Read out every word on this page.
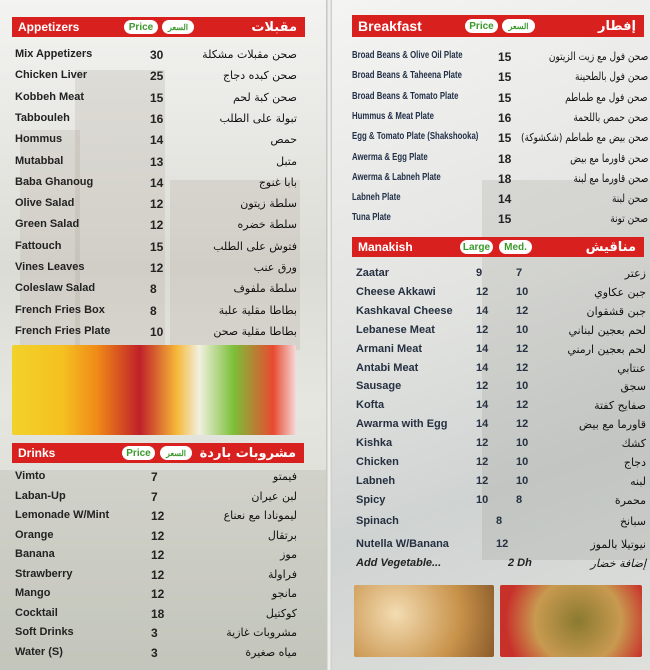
Appetizers	Price	السعر	مقبلات
Mix Appetizers	30	صحن مقبلات مشكلة
Chicken Liver	25	صحن كبده دجاج
Kobbeh Meat	15	صحن كبة لحم
Tabbouleh	16	تبولة على الطلب
Hommus	14	حمص
Mutabbal	13	متبل
Baba Ghanoug	14	بابا غنوج
Olive Salad	12	سلطة زيتون
Green Salad	12	سلطة خضره
Fattouch	15	فتوش على الطلب
Vines Leaves	12	ورق عنب
Coleslaw Salad	8	سلطة ملفوف
French Fries Box	8	بطاطا مقلية علبة
French Fries Plate	10	بطاطا مقلية صحن
Drinks	Price	السعر	مشروبات باردة
Vimto	7	فيمتو
Laban-Up	7	لبن عيران
Lemonade W/Mint	12	ليمونادا مع نعناع
Orange	12	برتقال
Banana	12	موز
Strawberry	12	فراولة
Mango	12	مانجو
Cocktail	18	كوكتيل
Soft Drinks	3	مشروبات غازية
Water (S)	3	مياه صغيرة
Breakfast	Price	السعر	إفطار
Broad Beans & Olive Oil Plate	15	صحن فول مع زيت الزيتون
Broad Beans & Taheena Plate	15	صحن فول بالطحينة
Broad Beans & Tomato Plate	15	صحن فول مع طماطم
Hummus & Meat Plate	16	صحن حمص باللحمة
Egg & Tomato Plate (Shakshooka) 15 صحن بيض مع طماطم (شكشوكة)
Awerma & Egg Plate	18	صحن قاورما مع بيض
Awerma & Labneh Plate	18	صحن قاورما مع لبنة
Labneh Plate	14	صحن لبنة
Tuna Plate	15	صحن تونة
Manakish	Large	Med.	مناقيش
Zaatar	9	7	زعتر
Cheese Akkawi	12	10	جبن عكاوي
Kashkaval Cheese 14	12	جبن قشقوان
Lebanese Meat	12	10	لحم بعجين لبناني
Armani Meat	14	12	لحم بعجين ارمني
Antabi Meat	14	12	عنتابي
Sausage	12	10	سجق
Kofta	14	12	صفايح كفتة
Awarma with Egg	14	12	قاورما مع بيض
Kishka	12	10	كشك
Chicken	12	10	دجاج
Labneh	12	10	لبنه
Spicy	10	8	محمرة
Spinach	8	سبانخ
Nutella W/Banana	12	نيوتيلا بالموز
Add Vegetable...	2 Dh	إضافة خضار
